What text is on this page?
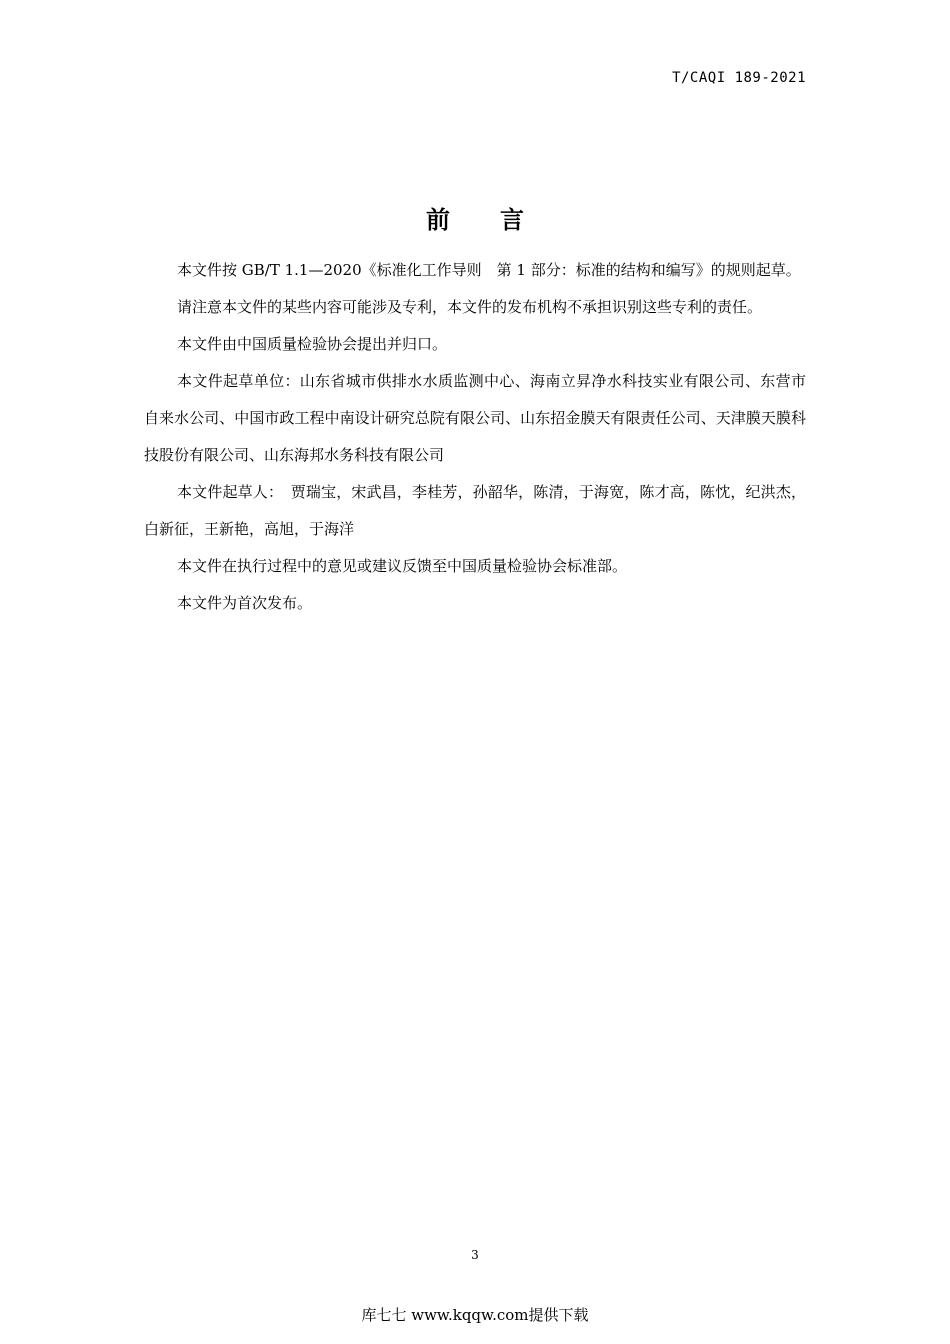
T/CAQI 189-2021
前言

本文件按 GB/T 1.1—2020《标准化工作导则　第 1 部分：标准的结构和编写》的规则起草。

请注意本文件的某些内容可能涉及专利，本文件的发布机构不承担识别这些专利的责任。

本文件由中国质量检验协会提出并归口。

本文件起草单位：山东省城市供排水水质监测中心、海南立昇净水科技实业有限公司、东营市自来水公司、中国市政工程中南设计研究总院有限公司、山东招金膜天有限责任公司、天津膜天膜科技股份有限公司、山东海邦水务科技有限公司

本文件起草人：　贾瑞宝，宋武昌，李桂芳，孙韶华，陈清，于海宽，陈才高，陈忱，纪洪杰，白新征，王新艳，高旭，于海洋

本文件在执行过程中的意见或建议反馈至中国质量检验协会标准部。

本文件为首次发布。

3
库七七 www.kqqw.com提供下载
